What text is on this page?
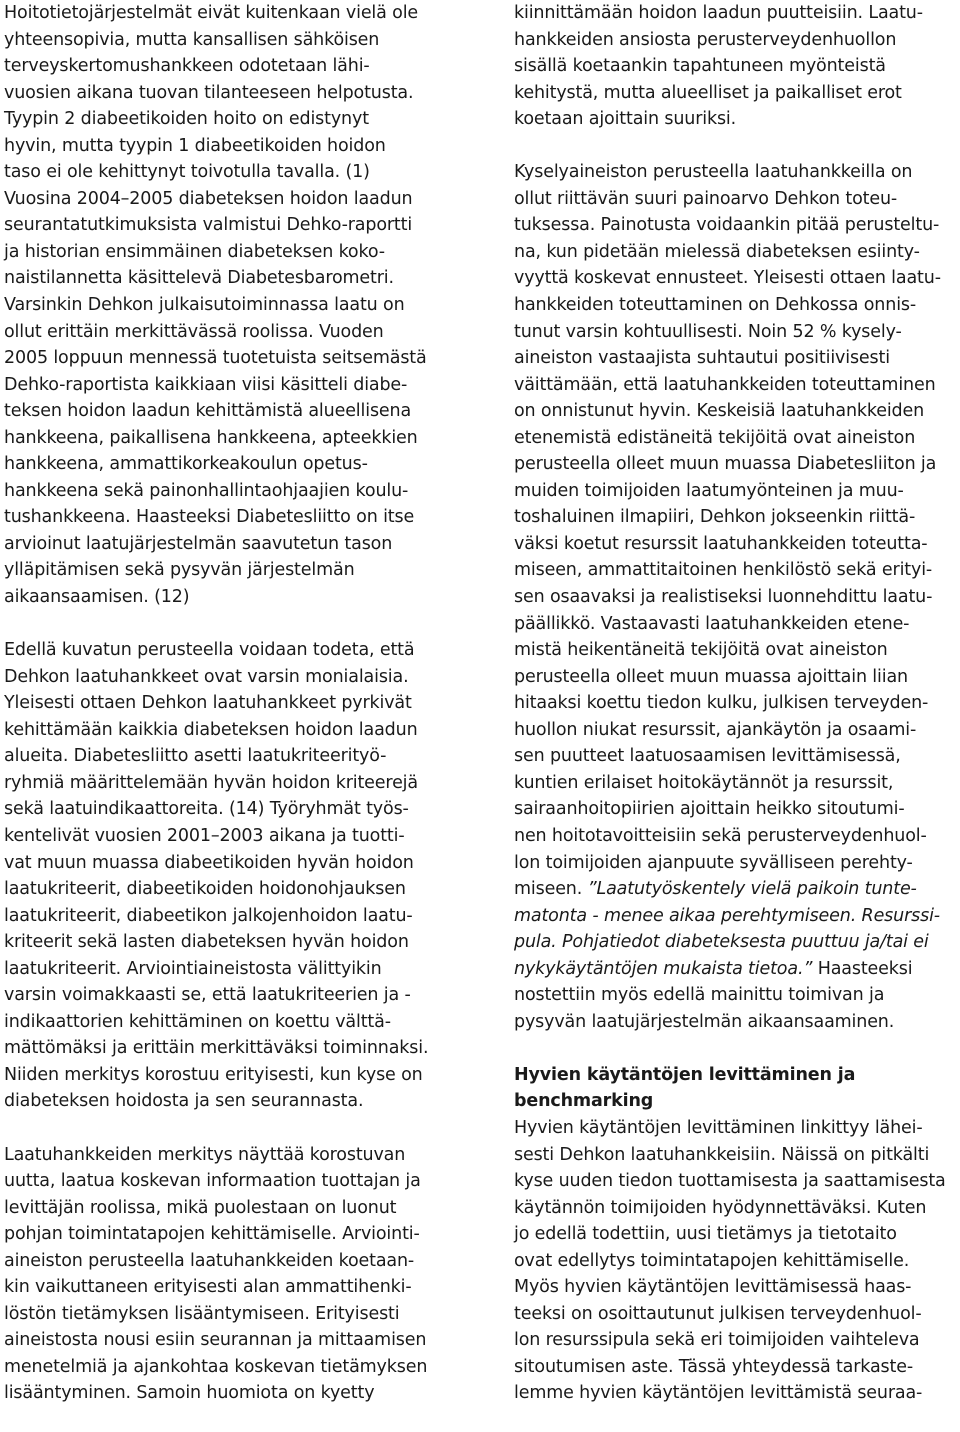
Hoitotietojärjestelmät eivät kuitenkaan vielä ole
yhteensopivia, mutta kansallisen sähköisen
terveyskertomushankkeen odotetaan lähi-
vuosien aikana tuovan tilanteeseen helpotusta.
Tyypin 2 diabeetikoiden hoito on edistynyt
hyvin, mutta tyypin 1 diabeetikoiden hoidon
taso ei ole kehittynyt toivotulla tavalla. (1)
Vuosina 2004–2005 diabeteksen hoidon laadun
seurantatutkimuksista valmistui Dehko-raportti
ja historian ensimmäinen diabeteksen koko-
naistilannetta käsittelevä Diabetesbarometri.
Varsinkin Dehkon julkaisutoiminnassa laatu on
ollut erittäin merkittävässä roolissa. Vuoden
2005 loppuun mennessä tuotetuista seitsemästä
Dehko-raportista kaikkiaan viisi käsitteli diabe-
teksen hoidon laadun kehittämistä alueellisena
hankkeena, paikallisena hankkeena, apteekkien
hankkeena, ammattikorkeakoulun opetus-
hankkeena sekä painonhallintaohjaajien koulu-
tushankkeena. Haasteeksi Diabetesliitto on itse
arvioinut laatujärjestelmän saavutetun tason
ylläpitämisen sekä pysyvän järjestelmän
aikaansaamisen. (12)
Edellä kuvatun perusteella voidaan todeta, että
Dehkon laatuhankkeet ovat varsin monialaisia.
Yleisesti ottaen Dehkon laatuhankkeet pyrkivät
kehittämään kaikkia diabeteksen hoidon laadun
alueita. Diabetesliitto asetti laatukriteerityö-
ryhmiä määrittelemään hyvän hoidon kriteerejä
sekä laatuindikaattoreita. (14) Työryhmät työs-
kentelivät vuosien 2001–2003 aikana ja tuotti-
vat muun muassa diabeetikoiden hyvän hoidon
laatukriteerit, diabeetikoiden hoidonohjauksen
laatukriteerit, diabeetikon jalkojenhoidon laatu-
kriteerit sekä lasten diabeteksen hyvän hoidon
laatukriteerit. Arviointiaineistosta välittyikin
varsin voimakkaasti se, että laatukriteerien ja -
indikaattorien kehittäminen on koettu välttä-
mättömäksi ja erittäin merkittäväksi toiminnaksi.
Niiden merkitys korostuu erityisesti, kun kyse on
diabeteksen hoidosta ja sen seurannasta.
Laatuhankkeiden merkitys näyttää korostuvan
uutta, laatua koskevan informaation tuottajan ja
levittäjän roolissa, mikä puolestaan on luonut
pohjan toimintatapojen kehittämiselle. Arviointi-
aineiston perusteella laatuhankkeiden koetaan-
kin vaikuttaneen erityisesti alan ammattihenki-
löstön tietämyksen lisääntymiseen. Erityisesti
aineistosta nousi esiin seurannan ja mittaamisen
menetelmiä ja ajankohtaa koskevan tietämyksen
lisääntyminen. Samoin huomiota on kyetty
kiinnittämään hoidon laadun puutteisiin. Laatu-
hankkeiden ansiosta perusterveydenhuollon
sisällä koetaankin tapahtuneen myönteistä
kehitystä, mutta alueelliset ja paikalliset erot
koetaan ajoittain suuriksi.
Kyselyaineiston perusteella laatuhankkeilla on
ollut riittävän suuri painoarvo Dehkon toteu-
tuksessa. Painotusta voidaankin pitää perusteltu-
na, kun pidetään mielessä diabeteksen esiinty-
vyyttä koskevat ennusteet. Yleisesti ottaen laatu-
hankkeiden toteuttaminen on Dehkossa onnis-
tunut varsin kohtuullisesti. Noin 52 % kysely-
aineiston vastaajista suhtautui positiivisesti
väittämään, että laatuhankkeiden toteuttaminen
on onnistunut hyvin. Keskeisiä laatuhankkeiden
etenemistä edistäneitä tekijöitä ovat aineiston
perusteella olleet muun muassa Diabetesliiton ja
muiden toimijoiden laatumyönteinen ja muu-
toshaluinen ilmapiiri, Dehkon jokseenkin riittä-
väksi koetut resurssit laatuhankkeiden toteutta-
miseen, ammattitaitoinen henkilöstö sekä erityi-
sen osaavaksi ja realistiseksi luonnehdittu laatu-
päällikkö. Vastaavasti laatuhankkeiden etene-
mistä heikentäneitä tekijöitä ovat aineiston
perusteella olleet muun muassa ajoittain liian
hitaaksi koettu tiedon kulku, julkisen terveyden-
huollon niukat resurssit, ajankäytön ja osaami-
sen puutteet laatuosaamisen levittämisessä,
kuntien erilaiset hoitokäytännöt ja resurssit,
sairaanhoitopiirien ajoittain heikko sitoutumi-
nen hoitotavoitteisiin sekä perusterveydenhuol-
lon toimijoiden ajanpuute syvälliseen perehty-
miseen. ”Laatutyöskentely vielä paikoin tunte-
matonta - menee aikaa perehtymiseen. Resurssi-
pula. Pohjatiedot diabeteksesta puuttuu ja/tai ei
nykykäytäntöjen mukaista tietoa.” Haasteeksi
nostettiin myös edellä mainittu toimivan ja
pysyvän laatujärjestelmän aikaansaaminen.
Hyvien käytäntöjen levittäminen ja
benchmarking
Hyvien käytäntöjen levittäminen linkittyy lähei-
sesti Dehkon laatuhankkeisiin. Näissä on pitkälti
kyse uuden tiedon tuottamisesta ja saattamisesta
käytännön toimijoiden hyödynnettäväksi. Kuten
jo edellä todettiin, uusi tietämys ja tietotaito
ovat edellytys toimintatapojen kehittämiselle.
Myös hyvien käytäntöjen levittämisessä haas-
teeksi on osoittautunut julkisen terveydenhuol-
lon resurssipula sekä eri toimijoiden vaihteleva
sitoutumisen aste. Tässä yhteydessä tarkaste-
lemme hyvien käytäntöjen levittämistä seuraa-
